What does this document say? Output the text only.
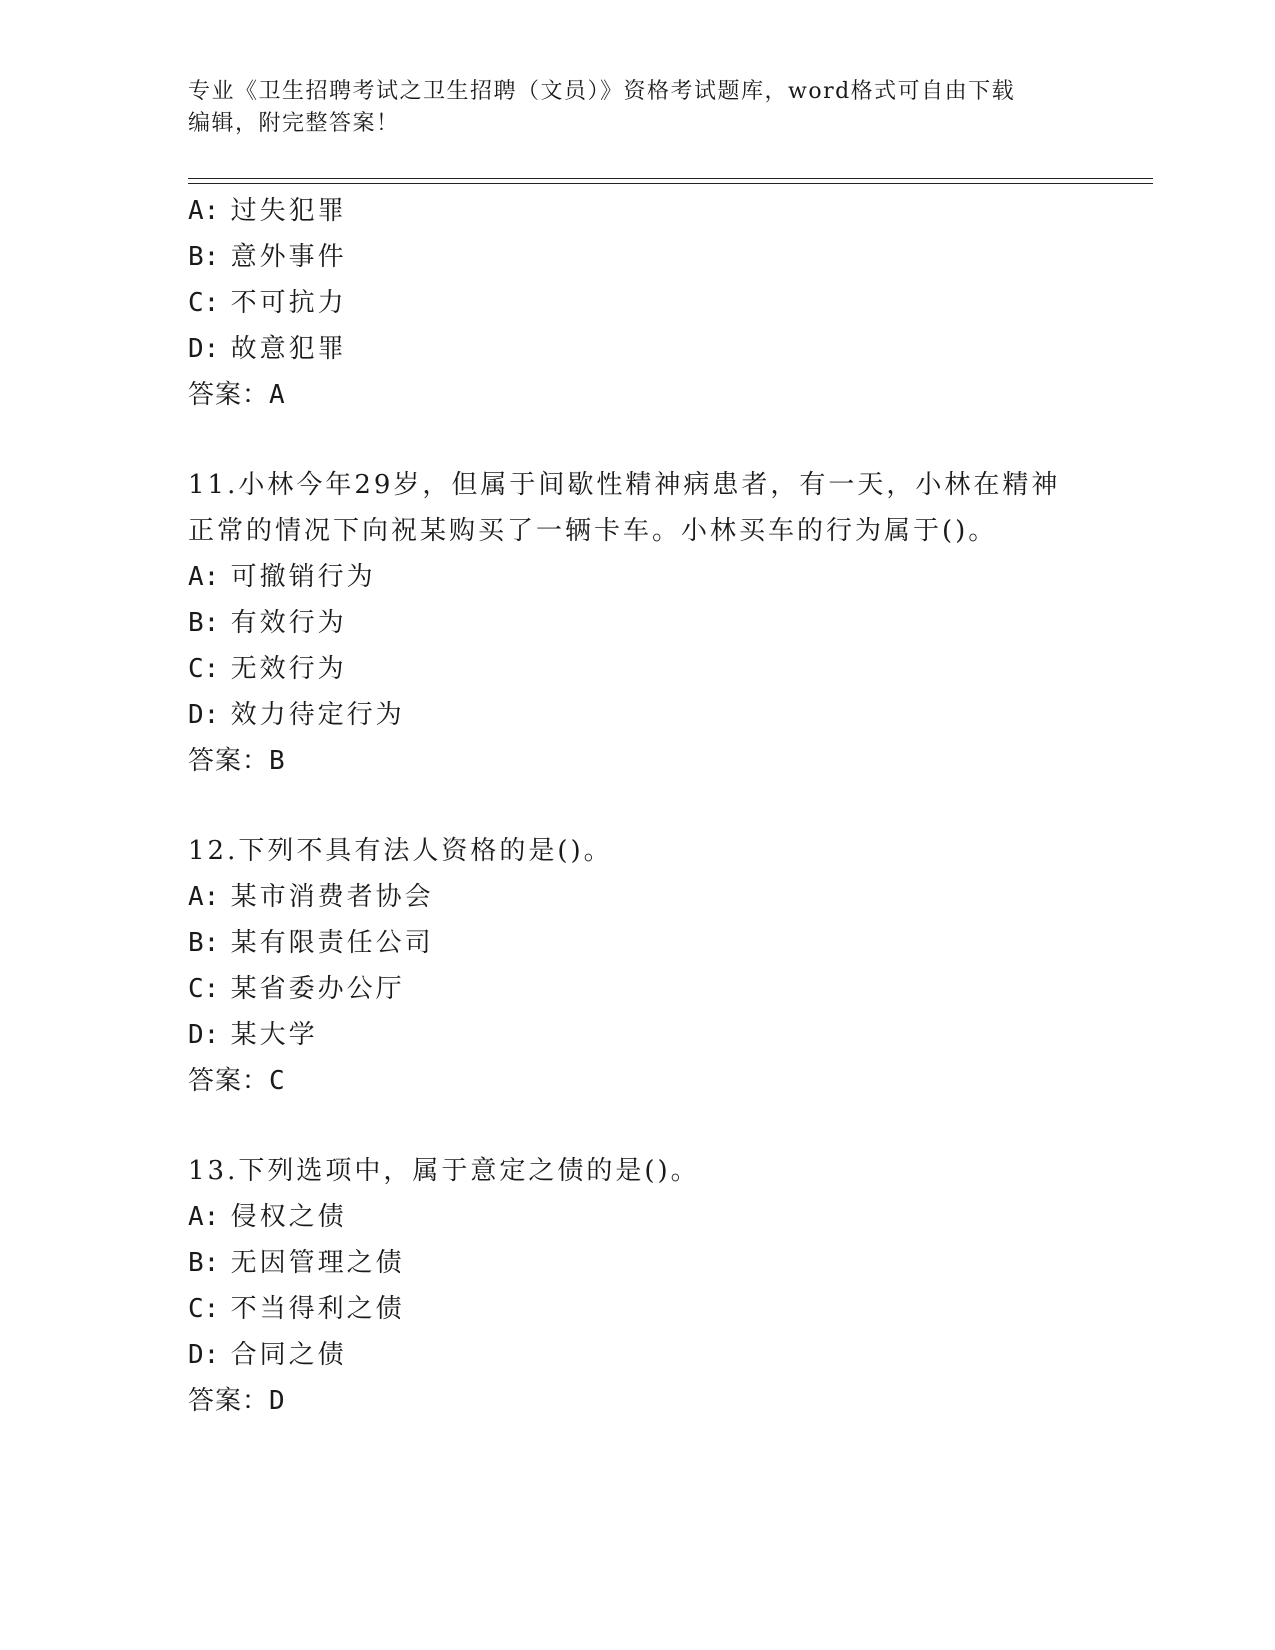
专业《卫生招聘考试之卫生招聘（文员）》资格考试题库，word格式可自由下载
编辑，附完整答案！
A: 过失犯罪
B: 意外事件
C: 不可抗力
D: 故意犯罪
答案：A
11.小林今年29岁，但属于间歇性精神病患者，有一天，小林在精神
正常的情况下向祝某购买了一辆卡车。小林买车的行为属于()。
A: 可撤销行为
B: 有效行为
C: 无效行为
D: 效力待定行为
答案：B
12.下列不具有法人资格的是()。
A: 某市消费者协会
B: 某有限责任公司
C: 某省委办公厅
D: 某大学
答案：C
13.下列选项中，属于意定之债的是()。
A: 侵权之债
B: 无因管理之债
C: 不当得利之债
D: 合同之债
答案：D
